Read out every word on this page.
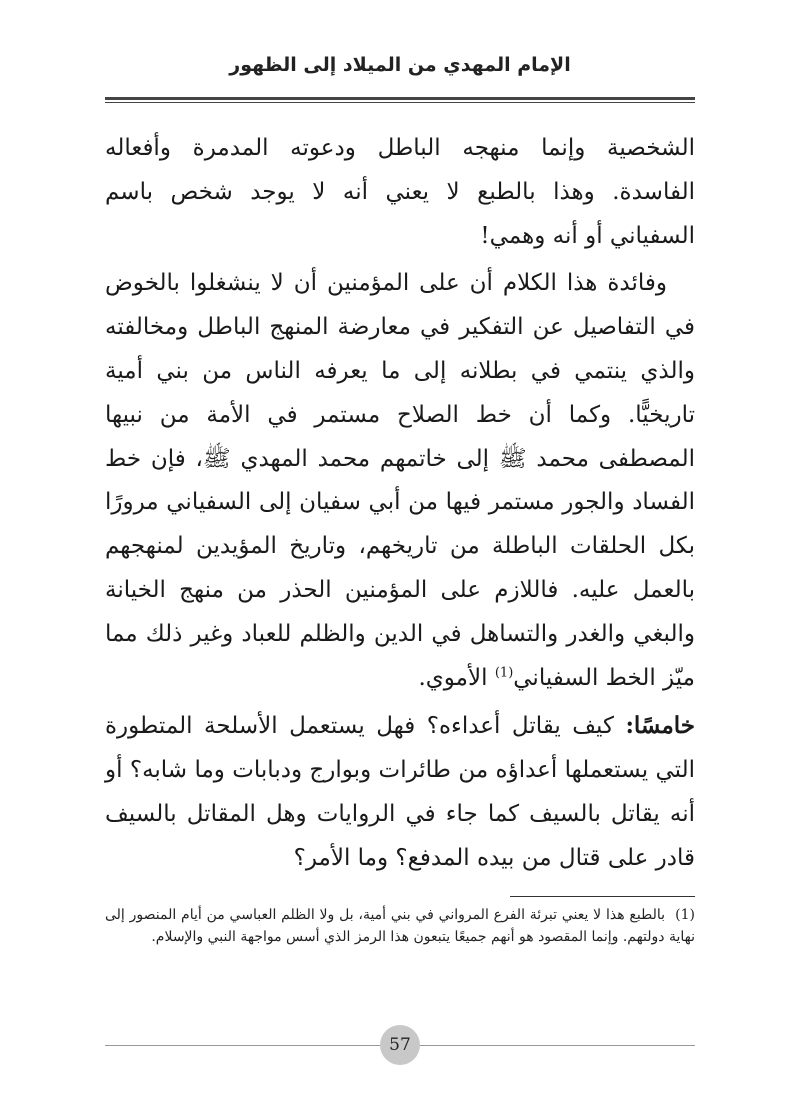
الإمام المهدي من الميلاد إلى الظهور

الشخصية وإنما منهجه الباطل ودعوته المدمرة وأفعاله الفاسدة. وهذا بالطبع لا يعني أنه لا يوجد شخص باسم السفياني أو أنه وهمي!

وفائدة هذا الكلام أن على المؤمنين أن لا ينشغلوا بالخوض في التفاصيل عن التفكير في معارضة المنهج الباطل ومخالفته والذي ينتمي في بطلانه إلى ما يعرفه الناس من بني أمية تاريخيًّا. وكما أن خط الصلاح مستمر في الأمة من نبيها المصطفى محمد ﷺ إلى خاتمهم محمد المهدي ﷺ، فإن خط الفساد والجور مستمر فيها من أبي سفيان إلى السفياني مرورًا بكل الحلقات الباطلة من تاريخهم، وتاريخ المؤيدين لمنهجهم بالعمل عليه. فاللازم على المؤمنين الحذر من منهج الخيانة والبغي والغدر والتساهل في الدين والظلم للعباد وغير ذلك مما ميّز الخط السفياني$^{(1)}$ الأموي.

خامسًا: كيف يقاتل أعداءه؟ فهل يستعمل الأسلحة المتطورة التي يستعملها أعداؤه من طائرات وبوارج ودبابات وما شابه؟ أو أنه يقاتل بالسيف كما جاء في الروايات وهل المقاتل بالسيف قادر على قتال من بيده المدفع؟ وما الأمر؟

(1)بالطبع هذا لا يعني تبرئة الفرع المرواني في بني أمية، بل ولا الظلم العباسي من أيام المنصور إلى نهاية دولتهم. وإنما المقصود هو أنهم جميعًا يتبعون هذا الرمز الذي أسس مواجهة النبي والإسلام.
57
